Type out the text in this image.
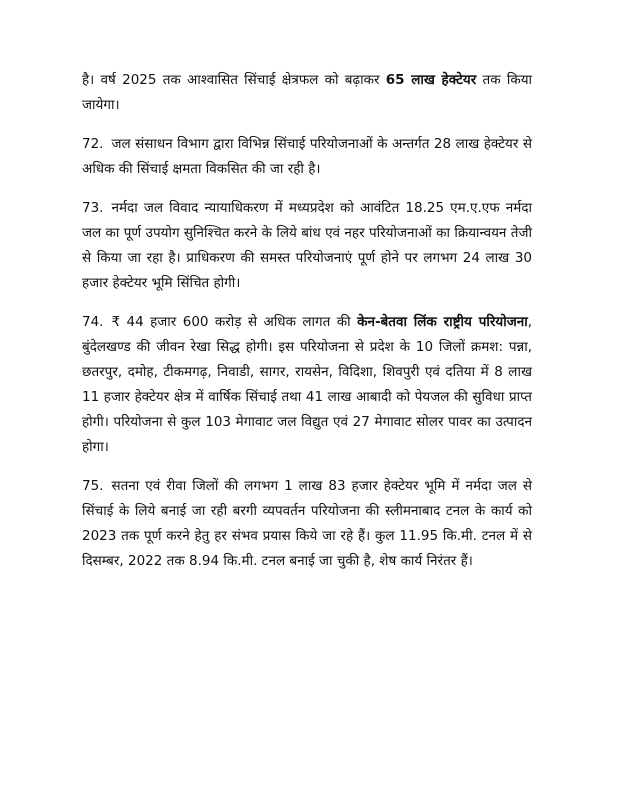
है। वर्ष 2025 तक आश्वासित सिंचाई क्षेत्रफल को बढ़ाकर 65 लाख हेक्टेयर तक किया जायेगा।

72. जल संसाधन विभाग द्वारा विभिन्न सिंचाई परियोजनाओं के अन्तर्गत 28 लाख हेक्टेयर से अधिक की सिंचाई क्षमता विकसित की जा रही है।

73. नर्मदा जल विवाद न्यायाधिकरण में मध्यप्रदेश को आवंटित 18.25 एम.ए.एफ नर्मदा जल का पूर्ण उपयोग सुनिश्चित करने के लिये बांध एवं नहर परियोजनाओं का क्रियान्वयन तेजी से किया जा रहा है। प्राधिकरण की समस्त परियोजनाएं पूर्ण होने पर लगभग 24 लाख 30 हजार हेक्टेयर भूमि सिंचित होगी।

74. ₹ 44 हजार 600 करोड़ से अधिक लागत की केन-बेतवा लिंक राष्ट्रीय परियोजना, बुंदेलखण्ड की जीवन रेखा सिद्ध होगी। इस परियोजना से प्रदेश के 10 जिलों क्रमश: पन्ना, छतरपुर, दमोह, टीकमगढ़, निवाडी, सागर, रायसेन, विदिशा, शिवपुरी एवं दतिया में 8 लाख 11 हजार हेक्टेयर क्षेत्र में वार्षिक सिंचाई तथा 41 लाख आबादी को पेयजल की सुविधा प्राप्त होगी। परियोजना से कुल 103 मेगावाट जल विद्युत एवं 27 मेगावाट सोलर पावर का उत्पादन होगा।

75. सतना एवं रीवा जिलों की लगभग 1 लाख 83 हजार हेक्टेयर भूमि में नर्मदा जल से सिंचाई के लिये बनाई जा रही बरगी व्यपवर्तन परियोजना की स्लीमनाबाद टनल के कार्य को 2023 तक पूर्ण करने हेतु हर संभव प्रयास किये जा रहे हैं। कुल 11.95 कि.मी. टनल में से दिसम्बर, 2022 तक 8.94 कि.मी. टनल बनाई जा चुकी है, शेष कार्य निरंतर हैं।
